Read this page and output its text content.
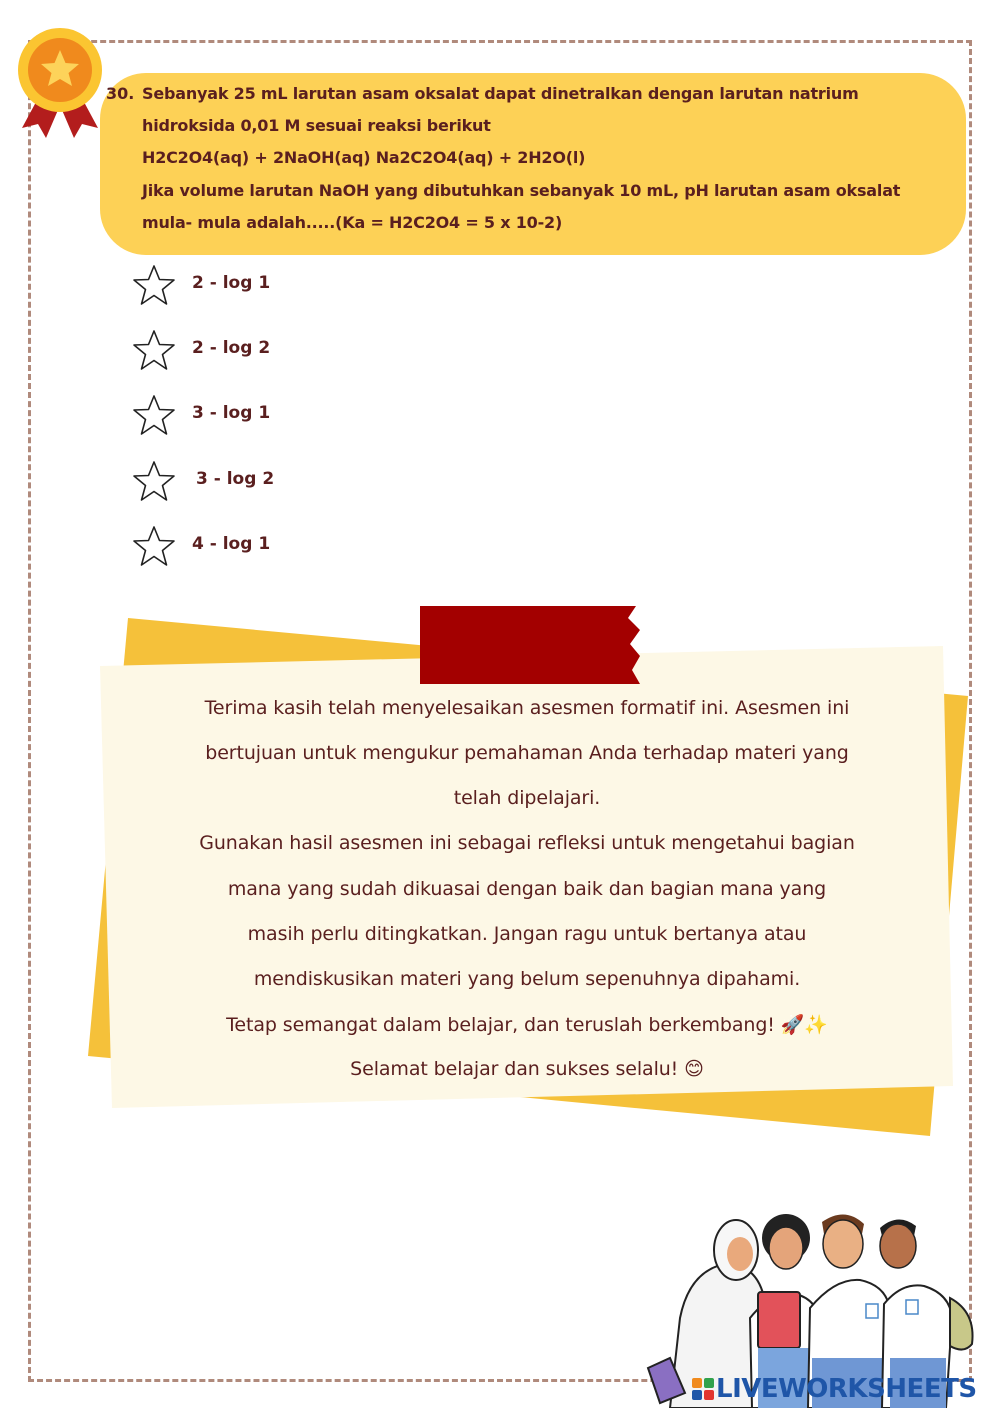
30. Sebanyak 25 mL larutan asam oksalat dapat dinetralkan dengan larutan natrium
hidroksida 0,01 M sesuai reaksi berikut
H2C2O4(aq) + 2NaOH(aq) Na2C2O4(aq) + 2H2O(l)
Jika volume larutan NaOH yang dibutuhkan sebanyak 10 mL, pH larutan asam oksalat
mula- mula adalah.....(Ka = H2C2O4 = 5 x 10-2)
2 - log 1
2 - log 2
3 - log 1
3 - log 2
4 - log 1
Terima kasih telah menyelesaikan asesmen formatif ini. Asesmen ini
bertujuan untuk mengukur pemahaman Anda terhadap materi yang
telah dipelajari.
Gunakan hasil asesmen ini sebagai refleksi untuk mengetahui bagian
mana yang sudah dikuasai dengan baik dan bagian mana yang
masih perlu ditingkatkan. Jangan ragu untuk bertanya atau
mendiskusikan materi yang belum sepenuhnya dipahami.
Tetap semangat dalam belajar, dan teruslah berkembang! 🚀✨
Selamat belajar dan sukses selalu! 😊
LIVEWORKSHEETS
